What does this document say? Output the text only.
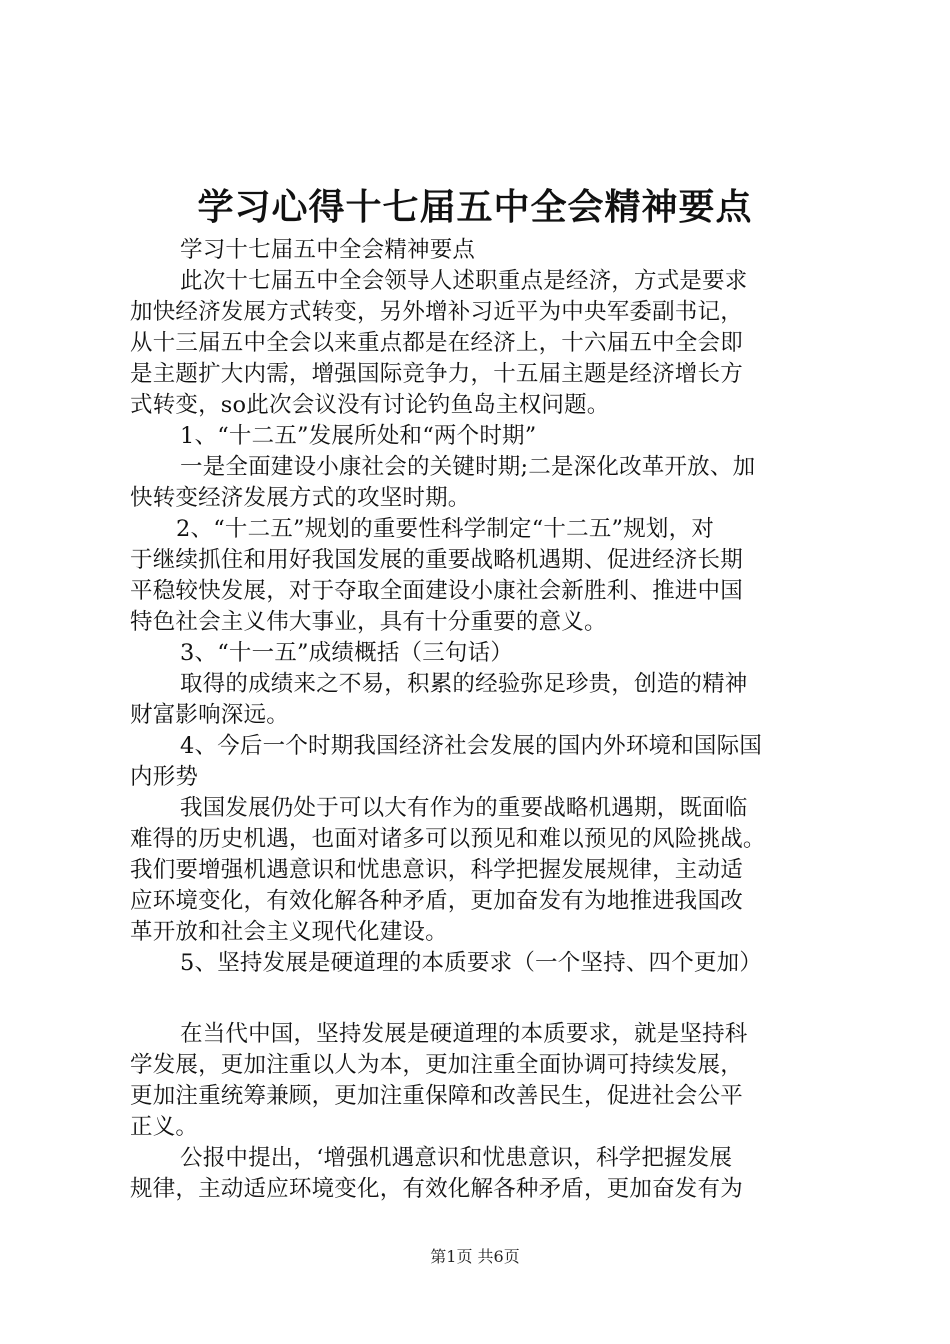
学习心得十七届五中全会精神要点
学习十七届五中全会精神要点
此次十七届五中全会领导人述职重点是经济，方式是要求
加快经济发展方式转变，另外增补习近平为中央军委副书记，
从十三届五中全会以来重点都是在经济上，十六届五中全会即
是主题扩大内需，增强国际竞争力，十五届主题是经济增长方
式转变，so此次会议没有讨论钓鱼岛主权问题。
1、“十二五”发展所处和“两个时期”
一是全面建设小康社会的关键时期;二是深化改革开放、加
快转变经济发展方式的攻坚时期。
2、“十二五”规划的重要性科学制定“十二五”规划，对
于继续抓住和用好我国发展的重要战略机遇期、促进经济长期
平稳较快发展，对于夺取全面建设小康社会新胜利、推进中国
特色社会主义伟大事业，具有十分重要的意义。
3、“十一五”成绩概括（三句话）
取得的成绩来之不易，积累的经验弥足珍贵，创造的精神
财富影响深远。
4、今后一个时期我国经济社会发展的国内外环境和国际国
内形势
我国发展仍处于可以大有作为的重要战略机遇期，既面临
难得的历史机遇，也面对诸多可以预见和难以预见的风险挑战。
我们要增强机遇意识和忧患意识，科学把握发展规律，主动适
应环境变化，有效化解各种矛盾，更加奋发有为地推进我国改
革开放和社会主义现代化建设。
5、坚持发展是硬道理的本质要求（一个坚持、四个更加）
在当代中国，坚持发展是硬道理的本质要求，就是坚持科
学发展，更加注重以人为本，更加注重全面协调可持续发展，
更加注重统筹兼顾，更加注重保障和改善民生，促进社会公平
正义。
公报中提出，‘增强机遇意识和忧患意识，科学把握发展
规律，主动适应环境变化，有效化解各种矛盾，更加奋发有为
第1页 共6页
